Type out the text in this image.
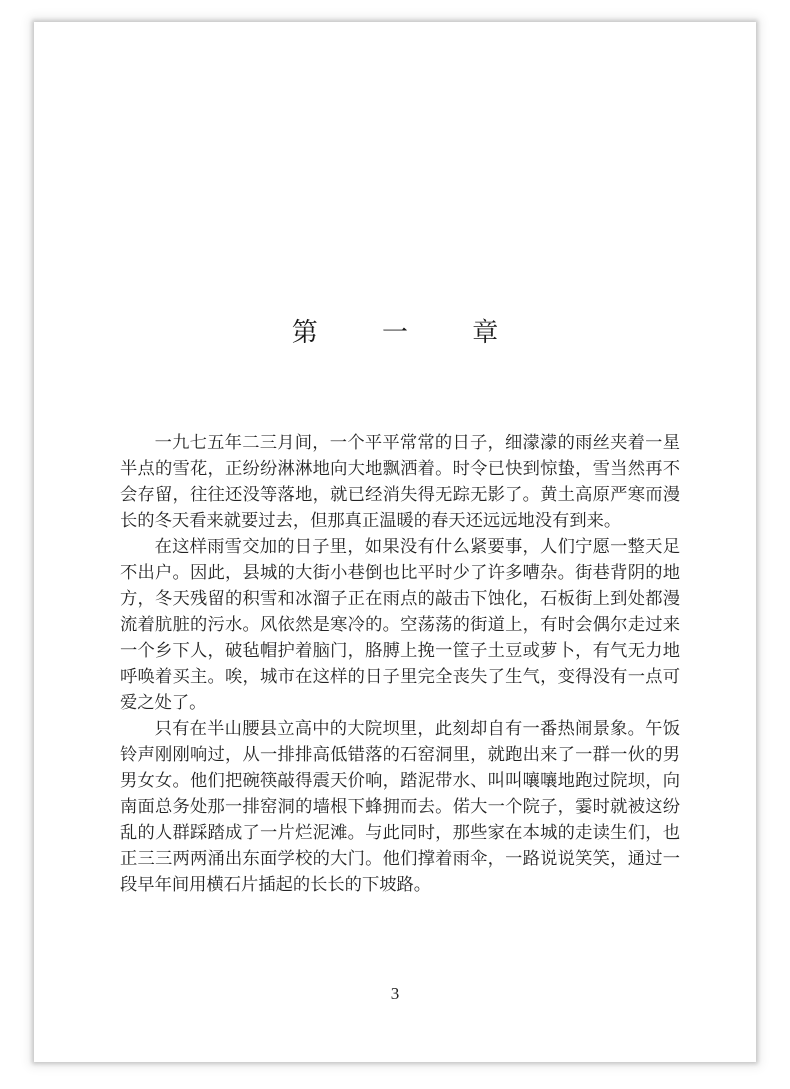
第 一 章

一九七五年二三月间，一个平平常常的日子，细濛濛的雨丝夹着一星半点的雪花，正纷纷淋淋地向大地飘洒着。时令已快到惊蛰，雪当然再不会存留，往往还没等落地，就已经消失得无踪无影了。黄土高原严寒而漫长的冬天看来就要过去，但那真正温暖的春天还远远地没有到来。

在这样雨雪交加的日子里，如果没有什么紧要事，人们宁愿一整天足不出户。因此，县城的大街小巷倒也比平时少了许多嘈杂。街巷背阴的地方，冬天残留的积雪和冰溜子正在雨点的敲击下蚀化，石板街上到处都漫流着肮脏的污水。风依然是寒冷的。空荡荡的街道上，有时会偶尔走过来一个乡下人，破毡帽护着脑门，胳膊上挽一筐子土豆或萝卜，有气无力地呼唤着买主。唉，城市在这样的日子里完全丧失了生气，变得没有一点可爱之处了。

只有在半山腰县立高中的大院坝里，此刻却自有一番热闹景象。午饭铃声刚刚响过，从一排排高低错落的石窑洞里，就跑出来了一群一伙的男男女女。他们把碗筷敲得震天价响，踏泥带水、叫叫嚷嚷地跑过院坝，向南面总务处那一排窑洞的墙根下蜂拥而去。偌大一个院子，霎时就被这纷乱的人群踩踏成了一片烂泥滩。与此同时，那些家在本城的走读生们，也正三三两两涌出东面学校的大门。他们撑着雨伞，一路说说笑笑，通过一段早年间用横石片插起的长长的下坡路。

3
